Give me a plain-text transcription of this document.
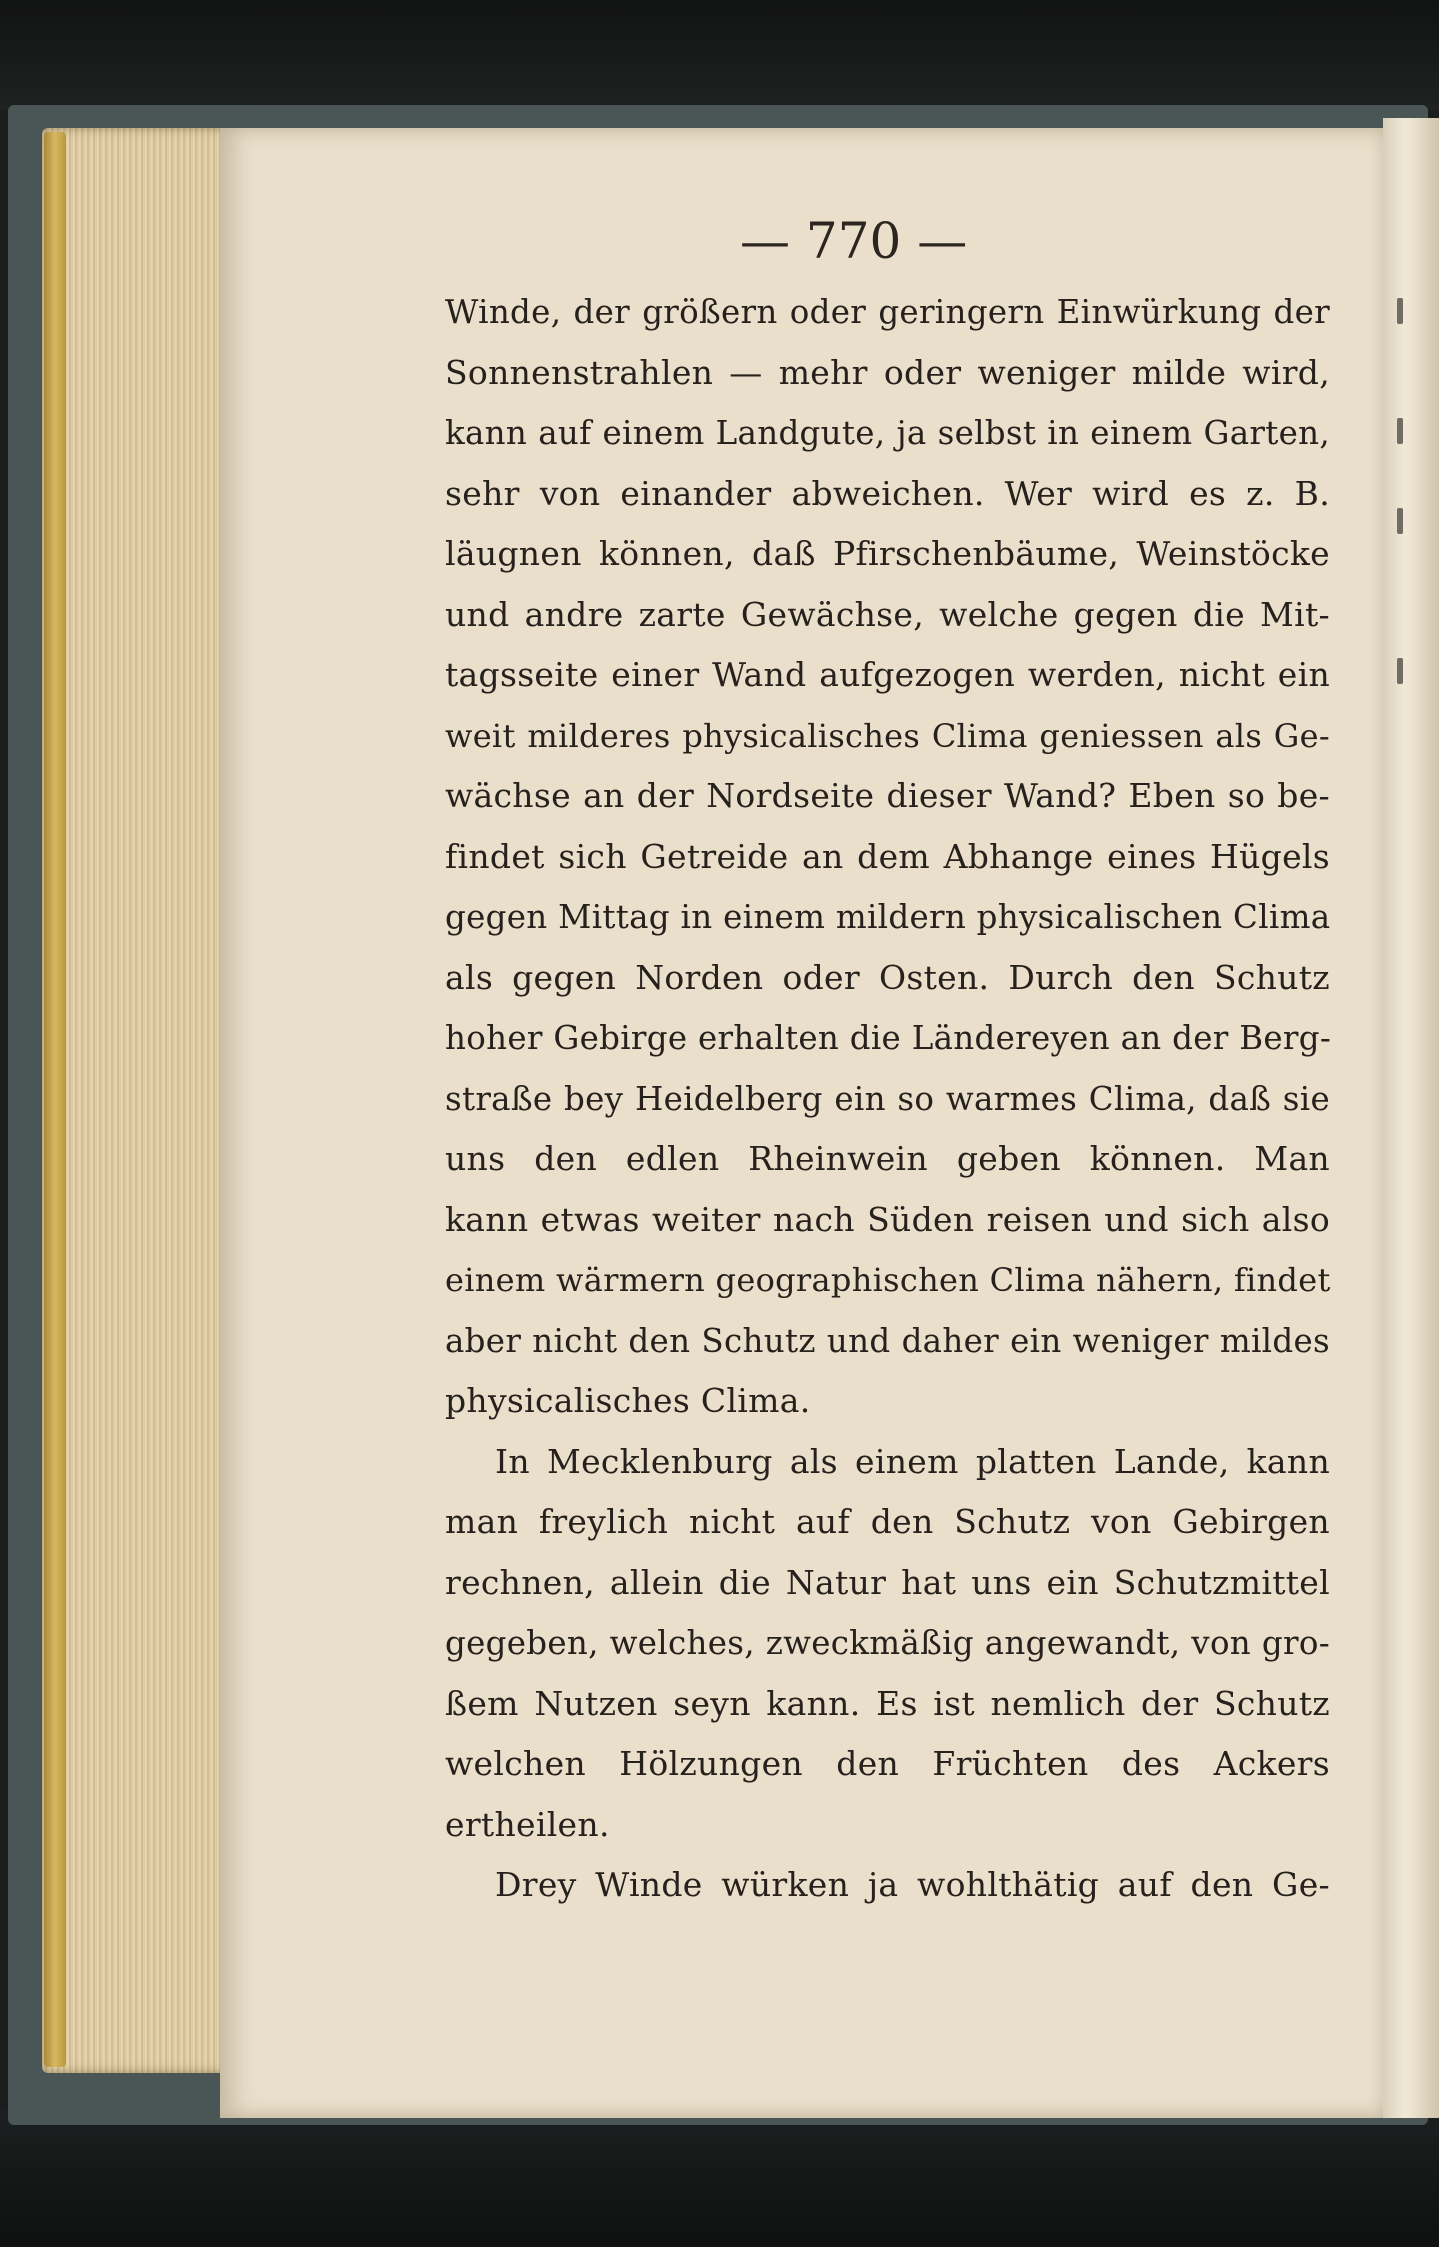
— 770 —
Winde, der größern oder geringern Einwürkung der
Sonnenstrahlen — mehr oder weniger milde wird,
kann auf einem Landgute, ja selbst in einem Garten,
sehr von einander abweichen. Wer wird es z. B.
läugnen können, daß Pfirschenbäume, Weinstöcke
und andre zarte Gewächse, welche gegen die Mit-
tagsseite einer Wand aufgezogen werden, nicht ein
weit milderes physicalisches Clima geniessen als Ge-
wächse an der Nordseite dieser Wand? Eben so be-
findet sich Getreide an dem Abhange eines Hügels
gegen Mittag in einem mildern physicalischen Clima
als gegen Norden oder Osten. Durch den Schutz
hoher Gebirge erhalten die Ländereyen an der Berg-
straße bey Heidelberg ein so warmes Clima, daß sie
uns den edlen Rheinwein geben können. Man
kann etwas weiter nach Süden reisen und sich also
einem wärmern geographischen Clima nähern, findet
aber nicht den Schutz und daher ein weniger mildes
physicalisches Clima.
In Mecklenburg als einem platten Lande, kann
man freylich nicht auf den Schutz von Gebirgen
rechnen, allein die Natur hat uns ein Schutzmittel
gegeben, welches, zweckmäßig angewandt, von gro-
ßem Nutzen seyn kann. Es ist nemlich der Schutz
welchen Hölzungen den Früchten des Ackers
ertheilen.
Drey Winde würken ja wohlthätig auf den Ge-
